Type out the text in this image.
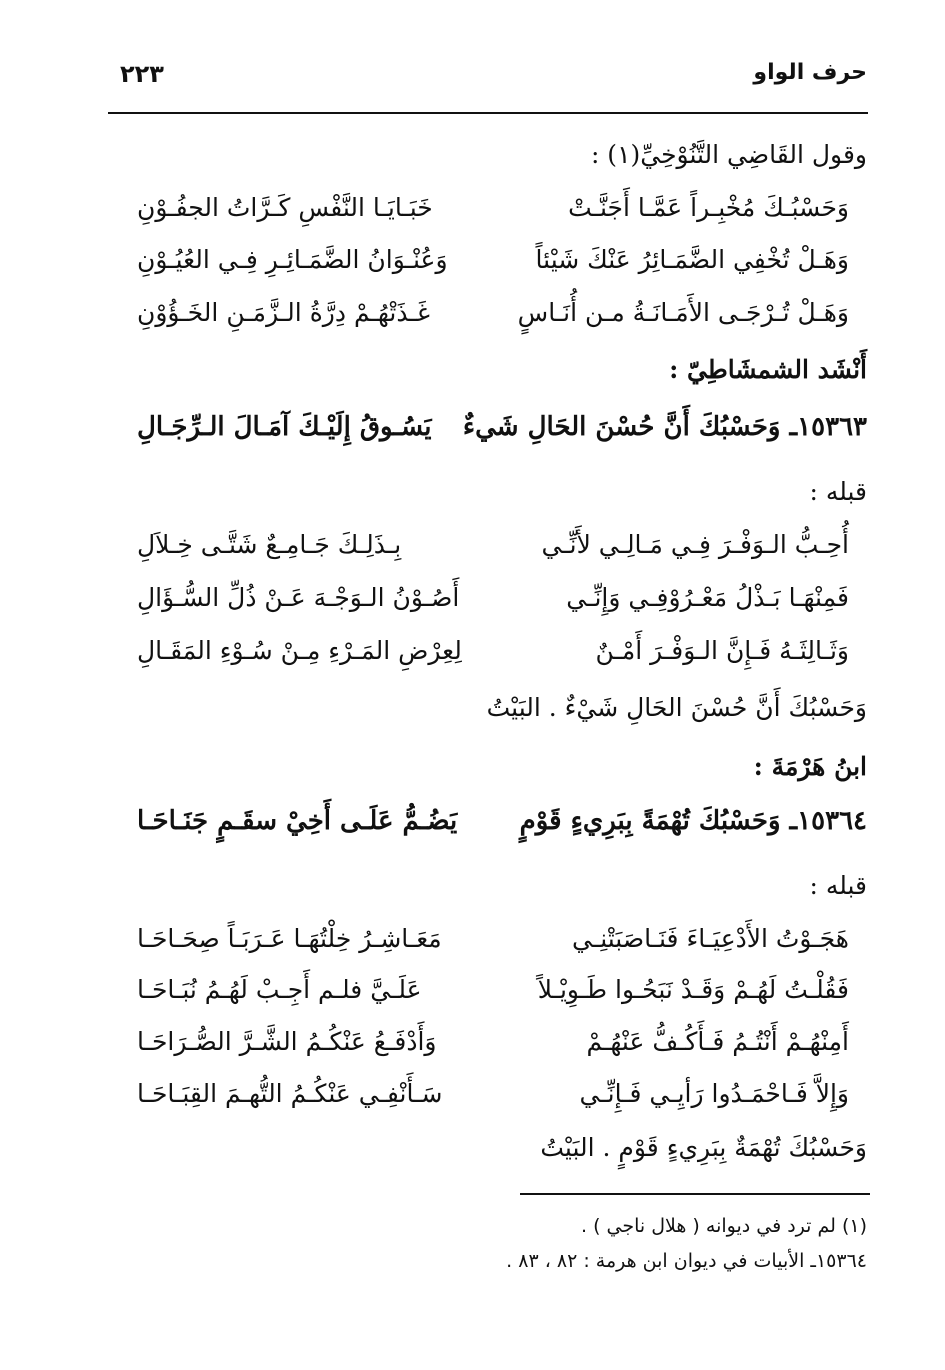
حرف الواو
٢٢٣
وقول القَاضِي التَّنُوْخِيِّ(١) :
وَحَسْبُـكَ مُخْبِـراً عَمَّـا أَجَنَّـتْ
خَبَـايَـا النَّفْسِ كَـرَّاتُ الجفُـوْنِ
وَهَـلْ تُخْفِي الضَّمَـائِرُ عَنْكَ شَيْئاً
وَعُنْـوَانُ الضَّمَـائِـرِ فِـي العُيُـوْنِ
وَهَـلْ تُـرْجَـى الأَمَـانَـةُ مـن أُنَـاسٍ
غَـذَتْهُـمْ دِرَّةُ الـزَّمَـنِ الخَـؤُوْنِ
أَنْشَد الشمشَاطِيّ :
١٥٣٦٣ـ وَحَسْبُكَ أَنَّ حُسْنَ الحَالِ شَيءٌ
يَسُـوقُ إِلَيْـكَ آمَـالَ الـرِّجَـالِ
قبله :
أُحِـبُّ الـوَفْـرَ فِـي مَـالِـي لأَنِّـي
بِـذَلِـكَ جَـامِـعٌ شَتَّـى خِـلاَلِ
فَمِنْهَـا بَـذْلُ مَعْـرُوْفِـي وَإِنِّـي
أَصُـوْنُ الـوَجْـهَ عَـنْ ذُلِّ السُّـؤَالِ
وَثَـالِثَـهُ فَـإِنَّ الـوَفْـرَ أَمْـنٌ
لِعِرْضِ المَـرْءِ مِـنْ سُـوْءِ المَقَـالِ
وَحَسْبُكَ أَنَّ حُسْنَ الحَالِ شَيْءٌ . البَيْتُ
ابنُ هَرْمَةَ :
١٥٣٦٤ـ وَحَسْبُكَ تُهْمَةً بِبَرِيءٍ قَوْمٍ
يَضُـمُّ عَلَـى أَخِيْ سقَـمٍ جَنَـاحَـا
قبله :
هَجَـوْتُ الأَدْعِيَـاءَ فَنَـاصَبَتْنِـي
مَعَـاشِـرُ خِلْتُهَـا عَـرَبَـاً صِحَـاحَـا
فَقُلْـتُ لَهُـمْ وَقَـدْ نَبَحُـوا طَـوِيْـلاً
عَلَـيَّ فلـم أَجِـبْ لَهُـمُ نُبَـاحَـا
أَمِنْهُـمْ أَنْتُـمُ فَـأَكُـفُّ عَنْهُـمْ
وَأَدْفَـعُ عَنْكُـمُ الشَّـرَّ الصُّـرَاحَـا
وَإِلاَّ فَـاحْمَـدُوا رَأيِـي فَـإِنِّـي
سَـأَنْفِـي عَنْكُـمُ التُّهـمَ القِبَـاحَـا
وَحَسْبُكَ تُهْمَةٌ بِبَرِيءٍ قَوْمٍ . البَيْتُ
(١) لم ترد في ديوانه ( هلال ناجي ) .
١٥٣٦٤ـ الأبيات في ديوان ابن هرمة : ٨٢ ، ٨٣ .
